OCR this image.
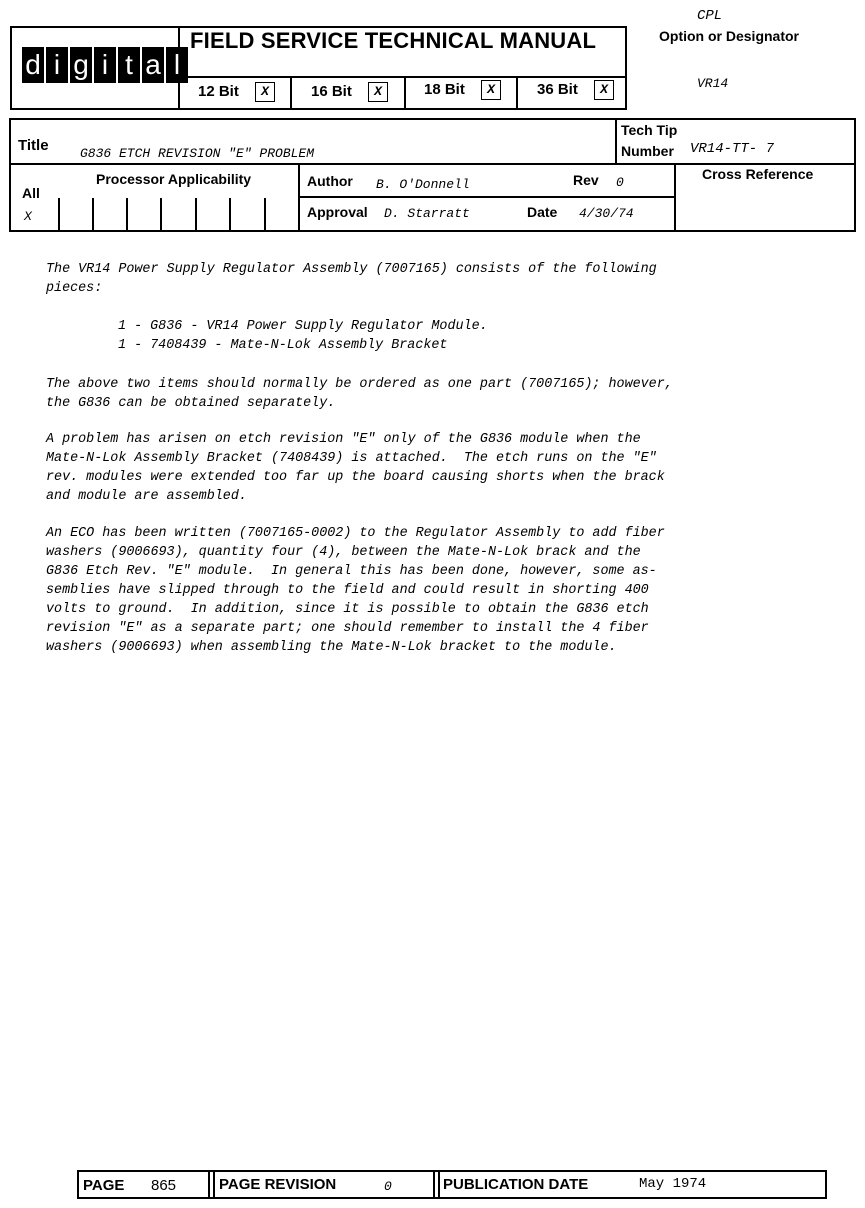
CPL
d i g i t a l
FIELD SERVICE TECHNICAL MANUAL
12 Bit X	16 Bit X	18 Bit X	36 Bit X
Option or Designator
VR14
Title G836 ETCH REVISION "E" PROBLEM
Tech Tip
Number VR14-TT- 7
Processor Applicability
All
X
Author B. O'Donnell	Rev 0
Approval D. Starratt	Date 4/30/74
Cross Reference

The VR14 Power Supply Regulator Assembly (7007165) consists of the following
pieces:

1 - G836 - VR14 Power Supply Regulator Module.

1 - 7408439 - Mate-N-Lok Assembly Bracket

The above two items should normally be ordered as one part (7007165); however,
the G836 can be obtained separately.

A problem has arisen on etch revision "E" only of the G836 module when the
Mate-N-Lok Assembly Bracket (7408439) is attached.  The etch runs on the "E"
rev. modules were extended too far up the board causing shorts when the brack
and module are assembled.

An ECO has been written (7007165-0002) to the Regulator Assembly to add fiber
washers (9006693), quantity four (4), between the Mate-N-Lok brack and the
G836 Etch Rev. "E" module.  In general this has been done, however, some as-
semblies have slipped through to the field and could result in shorting 400
volts to ground.  In addition, since it is possible to obtain the G836 etch
revision "E" as a separate part; one should remember to install the 4 fiber
washers (9006693) when assembling the Mate-N-Lok bracket to the module.

PAGE 865	PAGE REVISION	0	PUBLICATION DATE	May 1974
